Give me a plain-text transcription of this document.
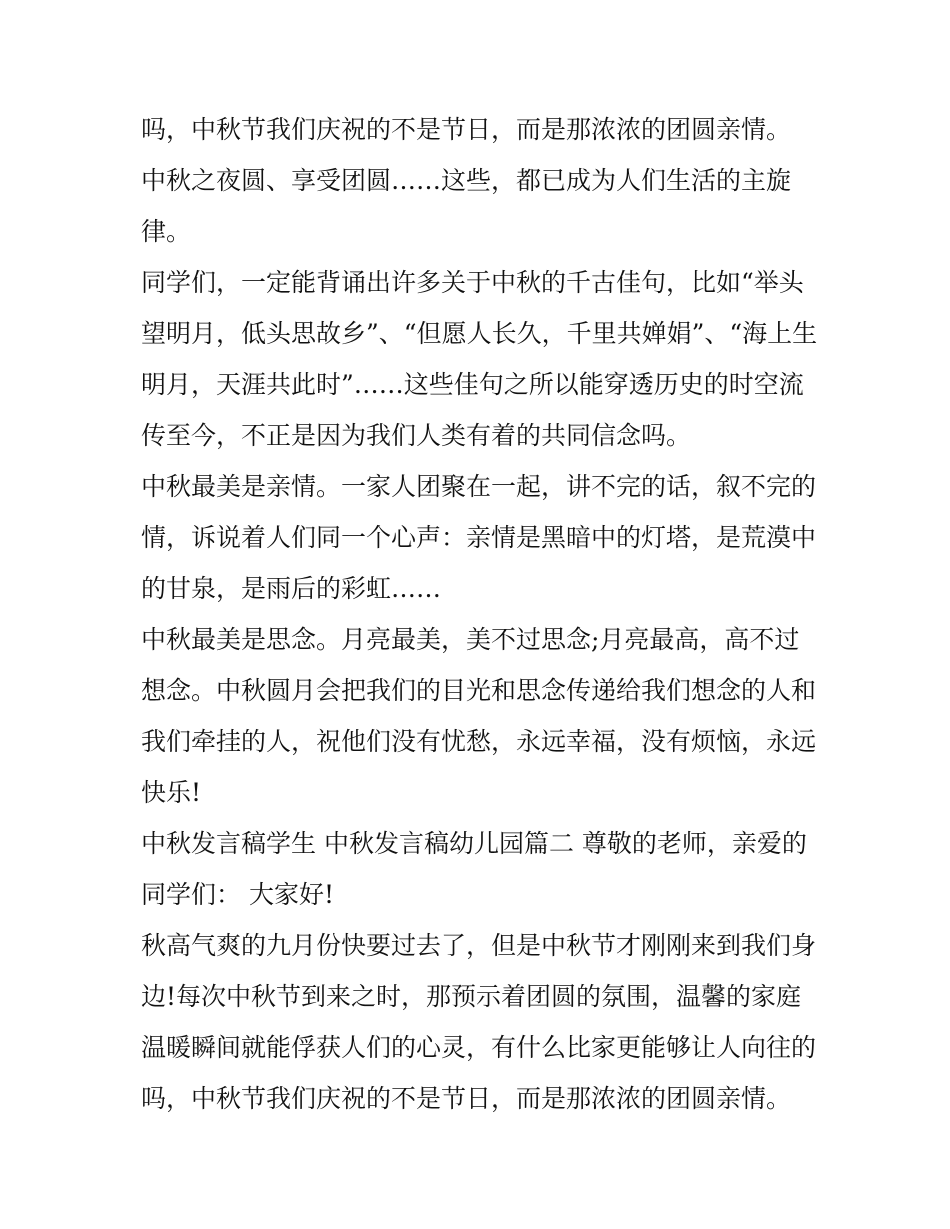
吗，中秋节我们庆祝的不是节日，而是那浓浓的团圆亲情。
中秋之夜圆、享受团圆……这些，都已成为人们生活的主旋
律。
同学们，一定能背诵出许多关于中秋的千古佳句，比如“举头
望明月，低头思故乡”、“但愿人长久，千里共婵娟”、“海上生
明月，天涯共此时”……这些佳句之所以能穿透历史的时空流
传至今，不正是因为我们人类有着的共同信念吗。
中秋最美是亲情。一家人团聚在一起，讲不完的话，叙不完的
情，诉说着人们同一个心声：亲情是黑暗中的灯塔，是荒漠中
的甘泉，是雨后的彩虹……
中秋最美是思念。月亮最美，美不过思念;月亮最高，高不过
想念。中秋圆月会把我们的目光和思念传递给我们想念的人和
我们牵挂的人，祝他们没有忧愁，永远幸福，没有烦恼，永远
快乐!
中秋发言稿学生 中秋发言稿幼儿园篇二 尊敬的老师，亲爱的
同学们： 大家好!
秋高气爽的九月份快要过去了，但是中秋节才刚刚来到我们身
边!每次中秋节到来之时，那预示着团圆的氛围，温馨的家庭
温暖瞬间就能俘获人们的心灵，有什么比家更能够让人向往的
吗，中秋节我们庆祝的不是节日，而是那浓浓的团圆亲情。
